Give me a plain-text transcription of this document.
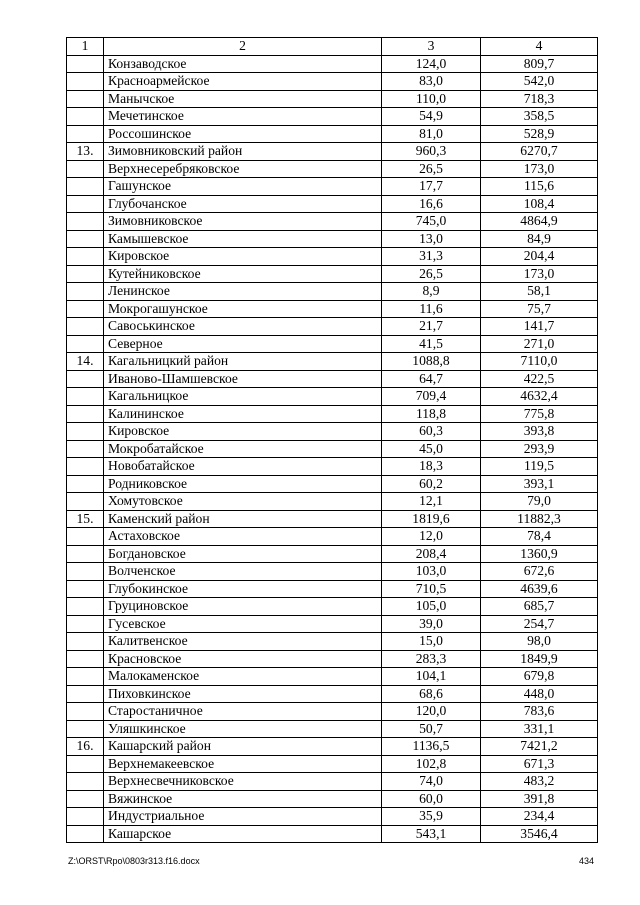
1	2	3	4
	Конзаводское	124,0	809,7
	Красноармейское	83,0	542,0
	Манычское	110,0	718,3
	Мечетинское	54,9	358,5
	Россошинское	81,0	528,9
13.	Зимовниковский район	960,3	6270,7
	Верхнесеребряковское	26,5	173,0
	Гашунское	17,7	115,6
	Глубочанское	16,6	108,4
	Зимовниковское	745,0	4864,9
	Камышевское	13,0	84,9
	Кировское	31,3	204,4
	Кутейниковское	26,5	173,0
	Ленинское	8,9	58,1
	Мокрогашунское	11,6	75,7
	Савоськинское	21,7	141,7
	Северное	41,5	271,0
14.	Кагальницкий район	1088,8	7110,0
	Иваново-Шамшевское	64,7	422,5
	Кагальницкое	709,4	4632,4
	Калининское	118,8	775,8
	Кировское	60,3	393,8
	Мокробатайское	45,0	293,9
	Новобатайское	18,3	119,5
	Родниковское	60,2	393,1
	Хомутовское	12,1	79,0
15.	Каменский район	1819,6	11882,3
	Астаховское	12,0	78,4
	Богдановское	208,4	1360,9
	Волченское	103,0	672,6
	Глубокинское	710,5	4639,6
	Груциновское	105,0	685,7
	Гусевское	39,0	254,7
	Калитвенское	15,0	98,0
	Красновское	283,3	1849,9
	Малокаменское	104,1	679,8
	Пиховкинское	68,6	448,0
	Старостаничное	120,0	783,6
	Уляшкинское	50,7	331,1
16.	Кашарский район	1136,5	7421,2
	Верхнемакеевское	102,8	671,3
	Верхнесвечниковское	74,0	483,2
	Вяжинское	60,0	391,8
	Индустриальное	35,9	234,4
	Кашарское	543,1	3546,4
Z:\ORST\Rpo\0803r313.f16.docx	434
